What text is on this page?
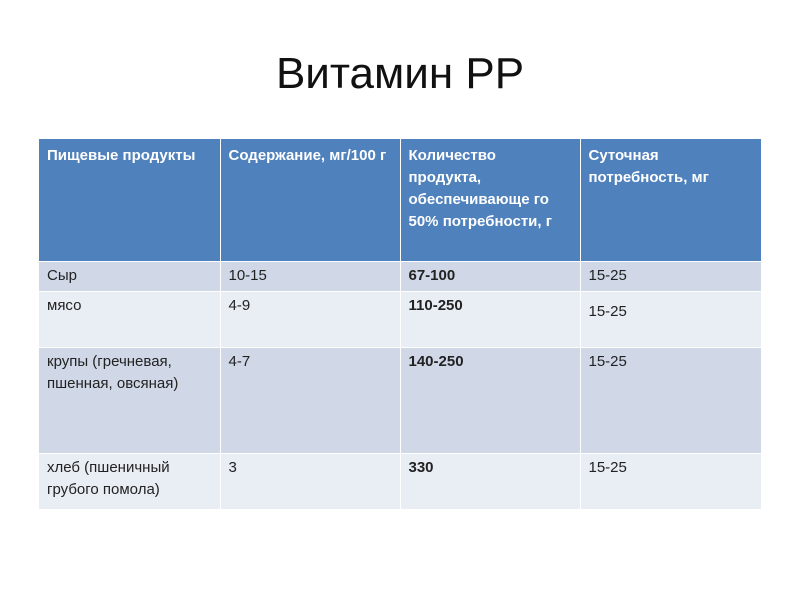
Витамин PP
Пищевые продукты	Содержание, мг/100 г	Количество продукта, обеспечивающе го 50% потребности, г	Суточная потребность, мг
Сыр	10-15	67-100	15-25
мясо	4-9	110-250	15-25
крупы (гречневая, пшенная, овсяная)	4-7	140-250	15-25
хлеб (пшеничный грубого помола)	3	330	15-25
